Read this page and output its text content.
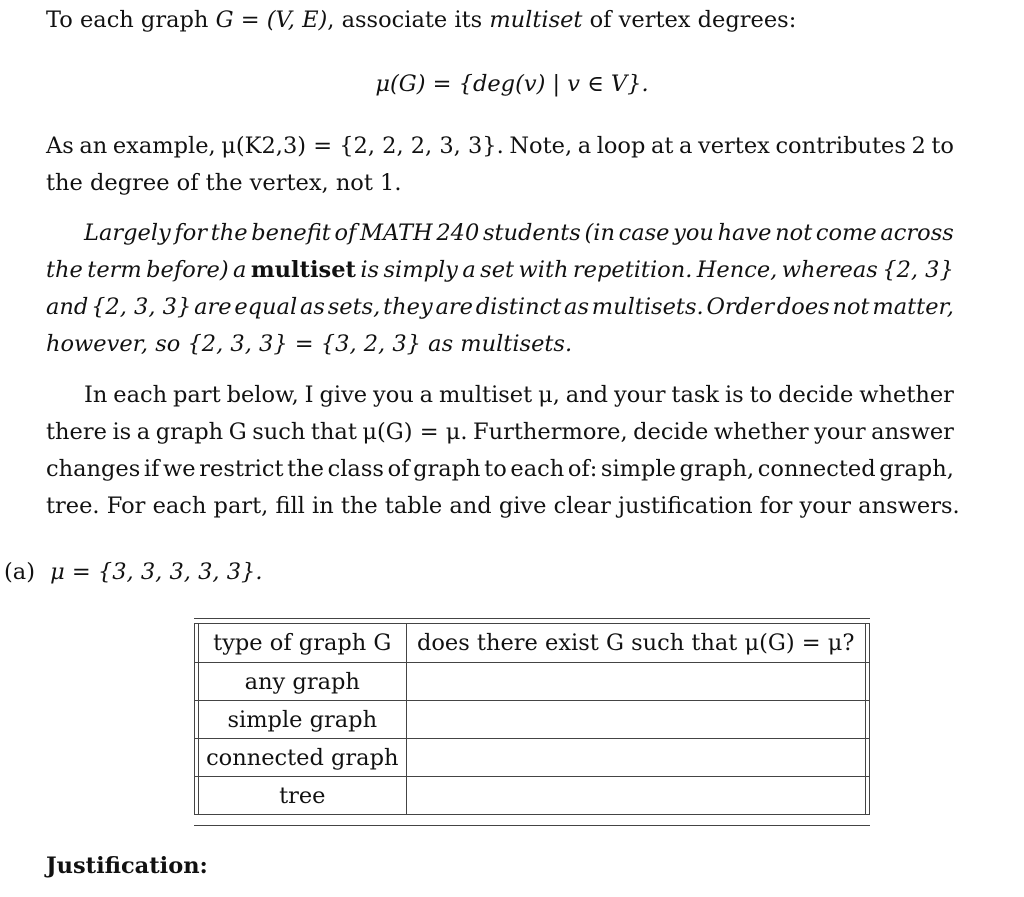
To each graph G = (V, E), associate its multiset of vertex degrees:
μ(G) = {deg(v) | v ∈ V}.
As an example, μ(K2,3) = {2, 2, 2, 3, 3}. Note, a loop at a vertex contributes 2 to
the degree of the vertex, not 1.
Largely for the benefit of MATH 240 students (in case you have not come across
the term before) a multiset is simply a set with repetition. Hence, whereas {2, 3}
and {2, 3, 3} are equal as sets, they are distinct as multisets. Order does not matter,
however, so {2, 3, 3} = {3, 2, 3} as multisets.
In each part below, I give you a multiset μ, and your task is to decide whether
there is a graph G such that μ(G) = μ. Furthermore, decide whether your answer
changes if we restrict the class of graph to each of: simple graph, connected graph,
tree. For each part, fill in the table and give clear justification for your answers.
(a) μ = {3, 3, 3, 3, 3}.
	type of graph G	does there exist G such that μ(G) = μ?	
	any graph		
	simple graph		
	connected graph		
	tree		
Justification:
